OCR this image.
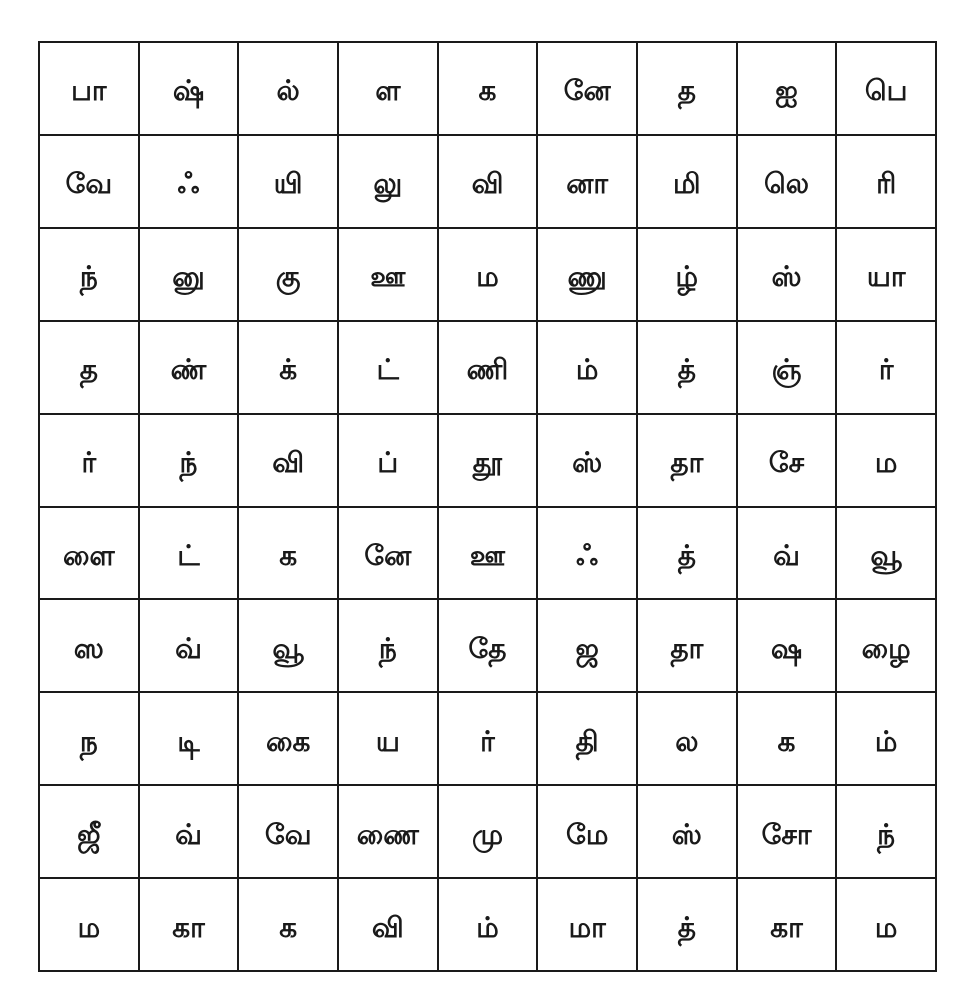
பா	ஷ்	ல்	ள	க	னே	த	ஐ	பெ
வே	ஃ	யி	லு	வி	னா	மி	லெ	ரி
ந்	னு	கு	ஊ	ம	ணு	ழ்	ஸ்	யா
த	ண்	க்	ட்	ணி	ம்	த்	ஞ்	ர்
ர்	ந்	வி	ப்	தூ	ஸ்	தா	சே	ம
ளை	ட்	க	னே	ஊ	ஃ	த்	வ்	வூ
ஸ	வ்	வூ	ந்	தே	ஜ	தா	ஷ	ழை
ந	டி	கை	ய	ர்	தி	ல	க	ம்
ஜீ	வ்	வே	ணை	மு	மே	ஸ்	சோ	ந்
ம	கா	க	வி	ம்	மா	த்	கா	ம
